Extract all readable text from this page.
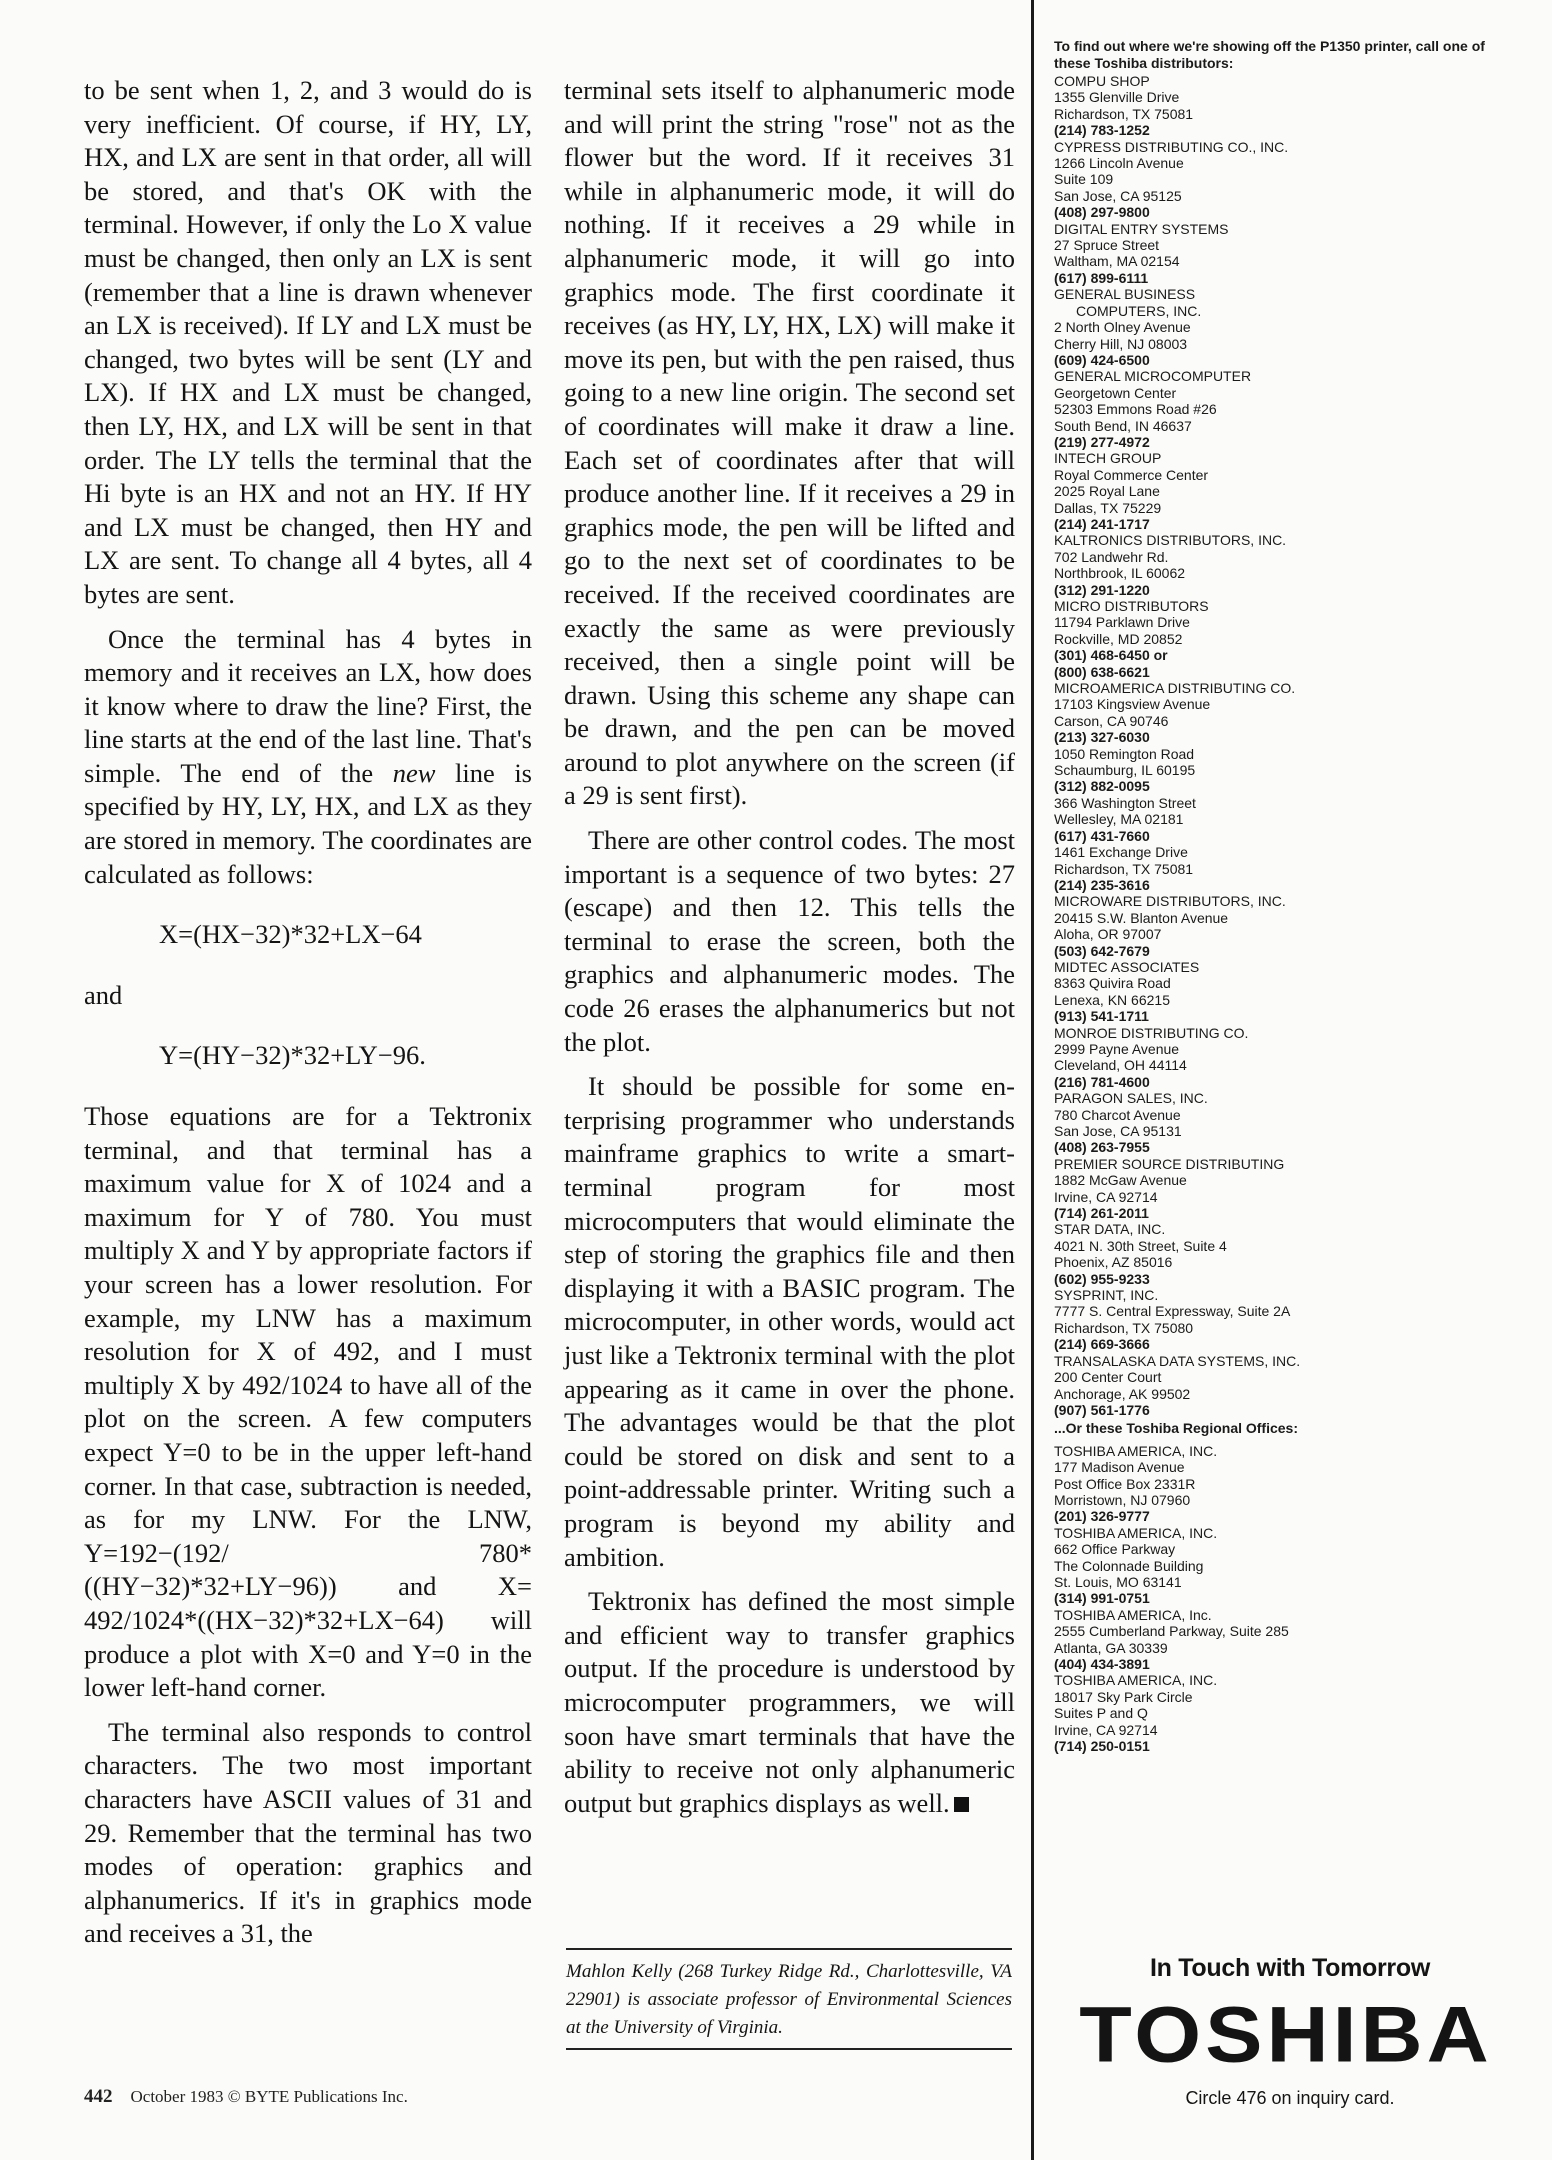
to be sent when 1, 2, and 3 would do is very inefficient. Of course, if HY, LY, HX, and LX are sent in that order, all will be stored, and that's OK with the terminal. However, if only the Lo X value must be changed, then only an LX is sent (remember that a line is drawn whenever an LX is received). If LY and LX must be changed, two bytes will be sent (LY and LX). If HX and LX must be changed, then LY, HX, and LX will be sent in that order. The LY tells the terminal that the Hi byte is an HX and not an HY. If HY and LX must be changed, then HY and LX are sent. To change all 4 bytes, all 4 bytes are sent.

Once the terminal has 4 bytes in memory and it receives an LX, how does it know where to draw the line? First, the line starts at the end of the last line. That's simple. The end of the new line is specified by HY, LY, HX, and LX as they are stored in memory. The coordinates are calculated as follows:

X=(HX−32)*32+LX−64
and
Y=(HY−32)*32+LY−96.

Those equations are for a Tektronix terminal, and that terminal has a maximum value for X of 1024 and a maximum for Y of 780. You must multiply X and Y by appropriate factors if your screen has a lower resolution. For example, my LNW has a maximum resolution for X of 492, and I must multiply X by 492/1024 to have all of the plot on the screen. A few computers expect Y=0 to be in the upper left-hand corner. In that case, subtraction is needed, as for my LNW. For the LNW, Y=192−(192/ 780*((HY−32)*32+LY−96)) and X= 492/1024*((HX−32)*32+LX−64) will produce a plot with X=0 and Y=0 in the lower left-hand corner.

The terminal also responds to control characters. The two most important characters have ASCII values of 31 and 29. Remember that the terminal has two modes of operation: graphics and alphanumerics. If it's in graphics mode and receives a 31, the

terminal sets itself to alphanumeric mode and will print the string "rose" not as the flower but the word. If it receives 31 while in alphanumeric mode, it will do nothing. If it receives a 29 while in alphanumeric mode, it will go into graphics mode. The first coordinate it receives (as HY, LY, HX, LX) will make it move its pen, but with the pen raised, thus going to a new line origin. The second set of coordinates will make it draw a line. Each set of coordinates after that will produce another line. If it receives a 29 in graphics mode, the pen will be lifted and go to the next set of coordinates to be received. If the received coordinates are exactly the same as were previously received, then a single point will be drawn. Using this scheme any shape can be drawn, and the pen can be moved around to plot anywhere on the screen (if a 29 is sent first).

There are other control codes. The most important is a sequence of two bytes: 27 (escape) and then 12. This tells the terminal to erase the screen, both the graphics and alphanumeric modes. The code 26 erases the alphanumerics but not the plot.

It should be possible for some enterprising programmer who understands mainframe graphics to write a smart-terminal program for most microcomputers that would eliminate the step of storing the graphics file and then displaying it with a BASIC program. The microcomputer, in other words, would act just like a Tektronix terminal with the plot appearing as it came in over the phone. The advantages would be that the plot could be stored on disk and sent to a point-addressable printer. Writing such a program is beyond my ability and ambition.

Tektronix has defined the most simple and efficient way to transfer graphics output. If the procedure is understood by microcomputer programmers, we will soon have smart terminals that have the ability to receive not only alphanumeric output but graphics displays as well.

Mahlon Kelly (268 Turkey Ridge Rd., Charlottesville, VA 22901) is associate professor of Environmental Sciences at the University of Virginia.
442 October 1983 © BYTE Publications Inc.
To find out where we're showing off the P1350 printer, call one of these Toshiba distributors:
COMPU SHOP
1355 Glenville Drive
Richardson, TX 75081
(214) 783-1252
CYPRESS DISTRIBUTING CO., INC.
1266 Lincoln Avenue
Suite 109
San Jose, CA 95125
(408) 297-9800
DIGITAL ENTRY SYSTEMS
27 Spruce Street
Waltham, MA 02154
(617) 899-6111
GENERAL BUSINESS
COMPUTERS, INC.
2 North Olney Avenue
Cherry Hill, NJ 08003
(609) 424-6500
GENERAL MICROCOMPUTER
Georgetown Center
52303 Emmons Road #26
South Bend, IN 46637
(219) 277-4972
INTECH GROUP
Royal Commerce Center
2025 Royal Lane
Dallas, TX 75229
(214) 241-1717
KALTRONICS DISTRIBUTORS, INC.
702 Landwehr Rd.
Northbrook, IL 60062
(312) 291-1220
MICRO DISTRIBUTORS
11794 Parklawn Drive
Rockville, MD 20852
(301) 468-6450 or
(800) 638-6621
MICROAMERICA DISTRIBUTING CO.
17103 Kingsview Avenue
Carson, CA 90746
(213) 327-6030
1050 Remington Road
Schaumburg, IL 60195
(312) 882-0095
366 Washington Street
Wellesley, MA 02181
(617) 431-7660
1461 Exchange Drive
Richardson, TX 75081
(214) 235-3616
MICROWARE DISTRIBUTORS, INC.
20415 S.W. Blanton Avenue
Aloha, OR 97007
(503) 642-7679
MIDTEC ASSOCIATES
8363 Quivira Road
Lenexa, KN 66215
(913) 541-1711
MONROE DISTRIBUTING CO.
2999 Payne Avenue
Cleveland, OH 44114
(216) 781-4600
PARAGON SALES, INC.
780 Charcot Avenue
San Jose, CA 95131
(408) 263-7955
PREMIER SOURCE DISTRIBUTING
1882 McGaw Avenue
Irvine, CA 92714
(714) 261-2011
STAR DATA, INC.
4021 N. 30th Street, Suite 4
Phoenix, AZ 85016
(602) 955-9233
SYSPRINT, INC.
7777 S. Central Expressway, Suite 2A
Richardson, TX 75080
(214) 669-3666
TRANSALASKA DATA SYSTEMS, INC.
200 Center Court
Anchorage, AK 99502
(907) 561-1776
...Or these Toshiba Regional Offices:
TOSHIBA AMERICA, INC.
177 Madison Avenue
Post Office Box 2331R
Morristown, NJ 07960
(201) 326-9777
TOSHIBA AMERICA, INC.
662 Office Parkway
The Colonnade Building
St. Louis, MO 63141
(314) 991-0751
TOSHIBA AMERICA, Inc.
2555 Cumberland Parkway, Suite 285
Atlanta, GA 30339
(404) 434-3891
TOSHIBA AMERICA, INC.
18017 Sky Park Circle
Suites P and Q
Irvine, CA 92714
(714) 250-0151
In Touch with Tomorrow
TOSHIBA
Circle 476 on inquiry card.
